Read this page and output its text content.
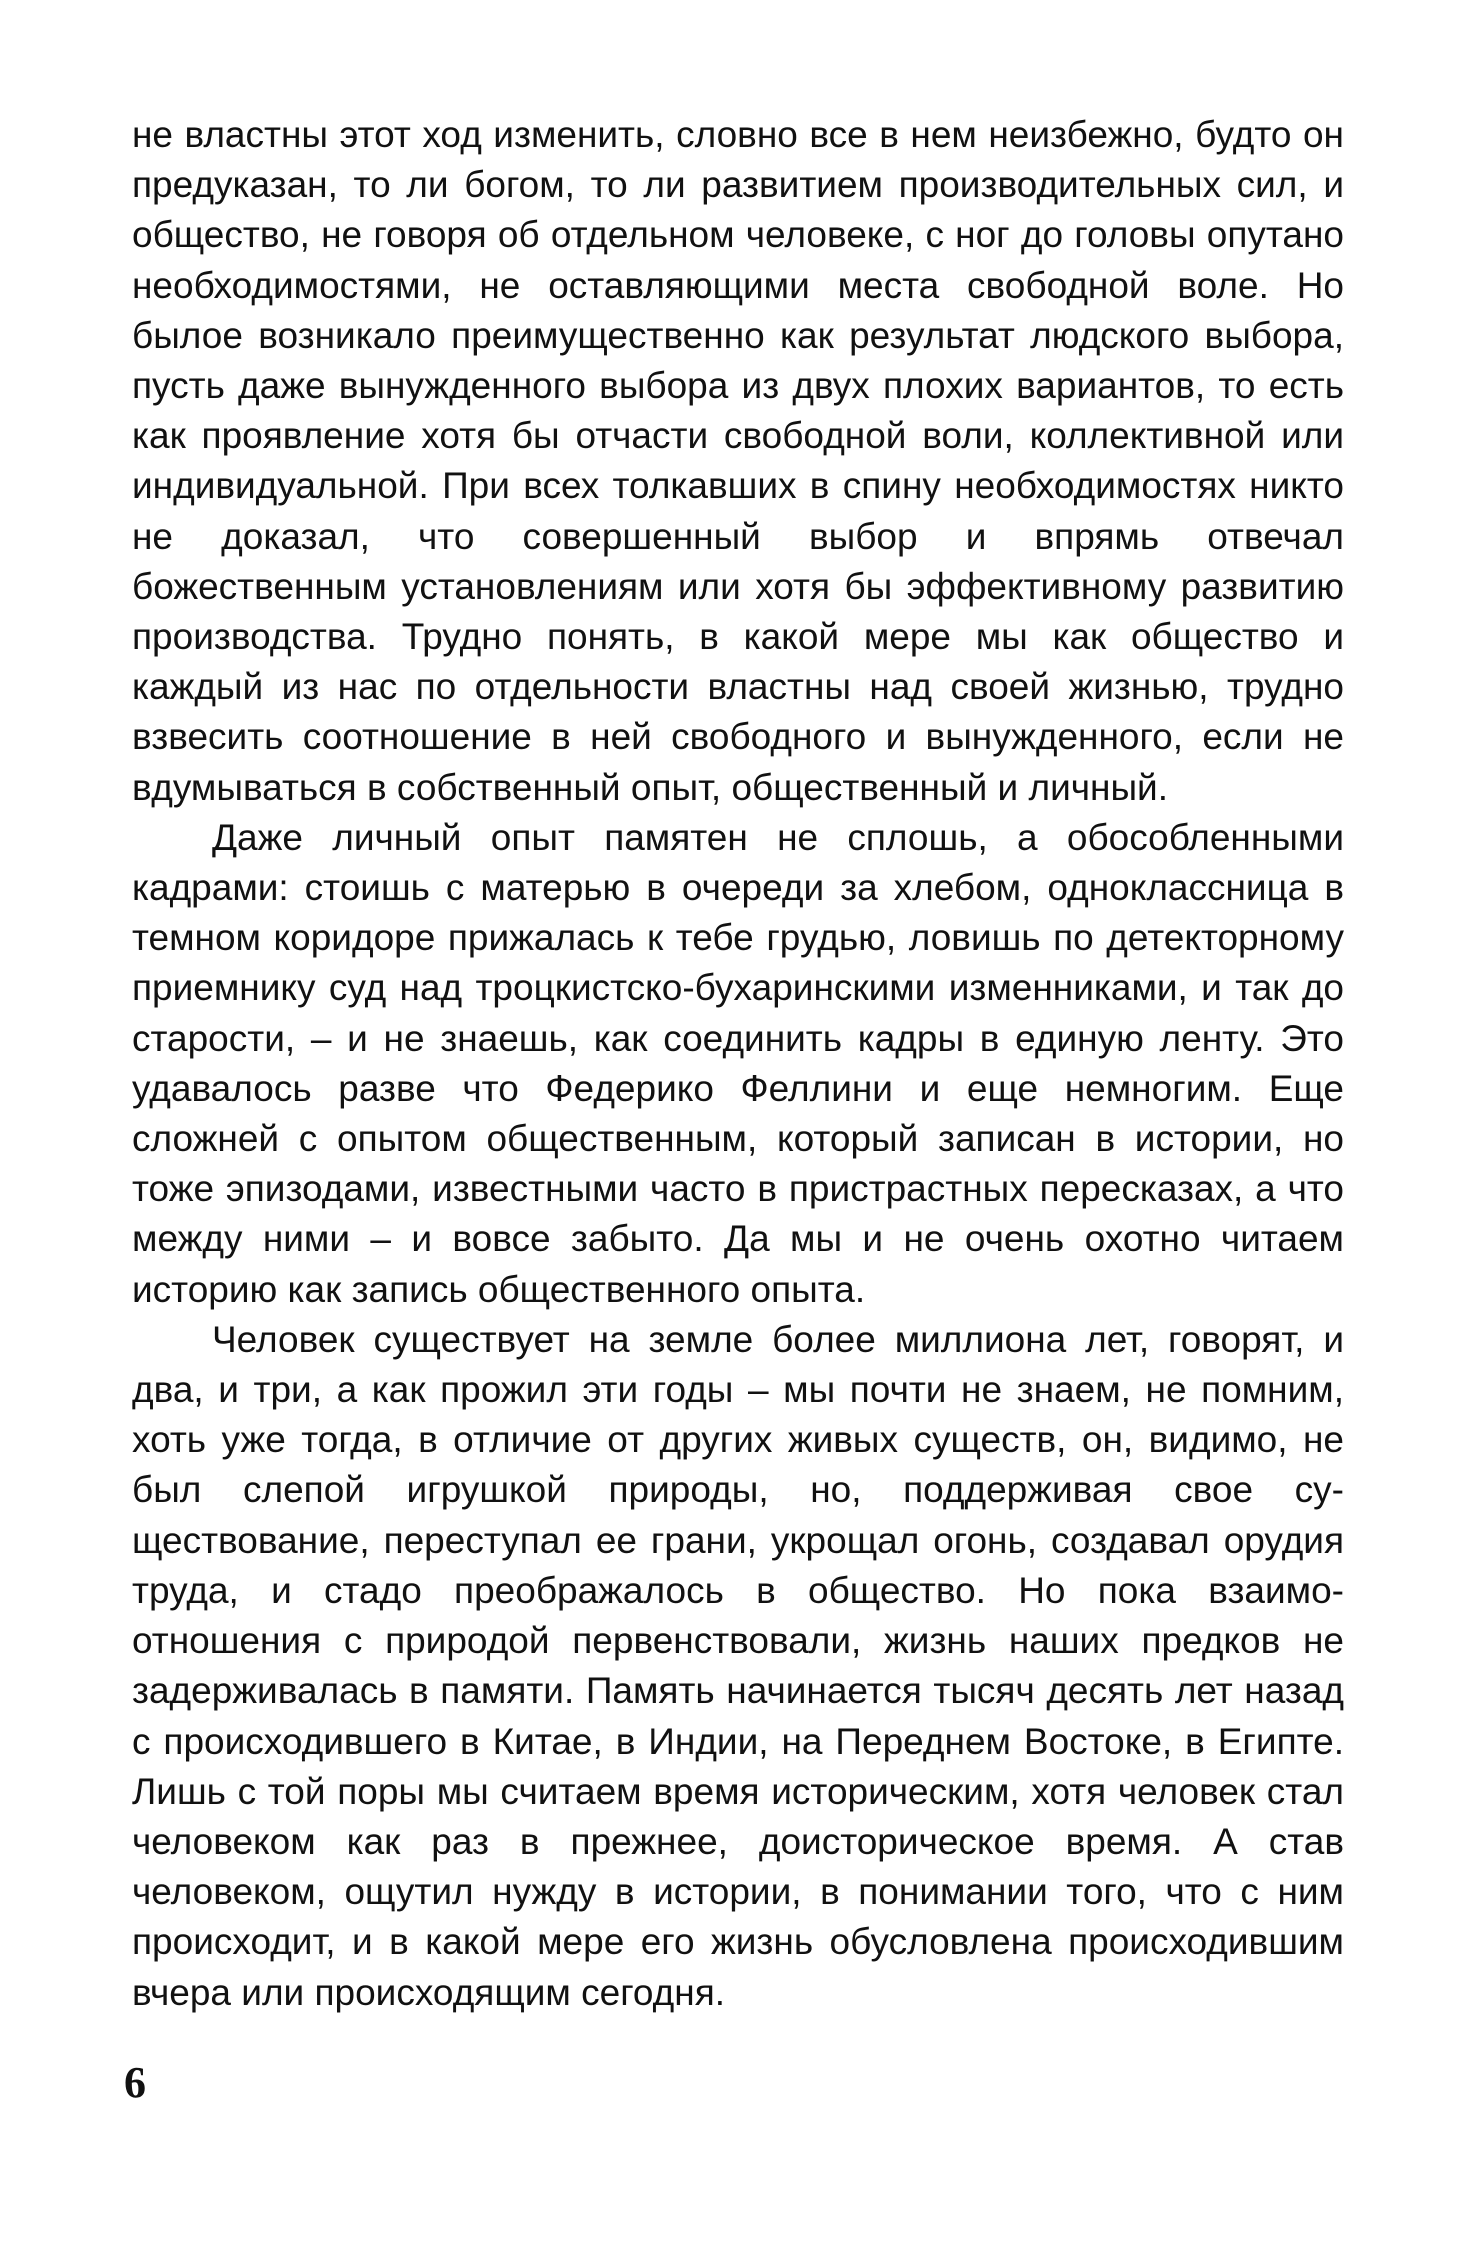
не властны этот ход изменить, словно все в нем неизбежно, будто он предуказан, то ли богом, то ли развитием производительных сил, и общество, не говоря об отдельном человеке, с ног до головы опутано необходимостями, не оставляющими места свободной воле. Но былое возникало преимущественно как результат людского выбора, пусть даже вынужденного выбора из двух плохих вариантов, то есть как проявление хотя бы отчасти свободной воли, коллективной или индивидуальной. При всех толкавших в спину необходимостях никто не доказал, что совершенный выбор и впрямь отвечал божественным установлениям или хотя бы эффективному развитию производства. Трудно понять, в какой мере мы как общество и каждый из нас по отдельности властны над своей жизнью, трудно взвесить соотношение в ней свободного и вынужденного, если не вдумываться в собственный опыт, общественный и личный.

Даже личный опыт памятен не сплошь, а обособленными кадрами: стоишь с матерью в очереди за хлебом, одноклассница в темном коридоре прижалась к тебе грудью, ловишь по детекторному приемнику суд над троцкистско-бухаринскими изменниками, и так до старости, – и не знаешь, как соединить кадры в единую ленту. Это удавалось разве что Федерико Феллини и еще немногим. Еще сложней с опытом общественным, который записан в истории, но тоже эпизодами, известными часто в пристрастных пересказах, а что между ними – и вовсе забыто. Да мы и не очень охотно читаем историю как запись общественного опыта.

Человек существует на земле более миллиона лет, говорят, и два, и три, а как прожил эти годы – мы почти не знаем, не помним, хоть уже тогда, в отличие от других живых существ, он, видимо, не был слепой игрушкой природы, но, поддерживая свое существование, переступал ее грани, укрощал огонь, создавал орудия труда, и стадо преображалось в общество. Но пока взаимоотношения с природой первенствовали, жизнь наших предков не задерживалась в памяти. Память начинается тысяч десять лет назад с происходившего в Китае, в Индии, на Переднем Востоке, в Египте. Лишь с той поры мы считаем время историческим, хотя человек стал человеком как раз в прежнее, доисторическое время. А став человеком, ощутил нужду в истории, в понимании того, что с ним происходит, и в какой мере его жизнь обусловлена происходившим вчера или происходящим сегодня.

6
